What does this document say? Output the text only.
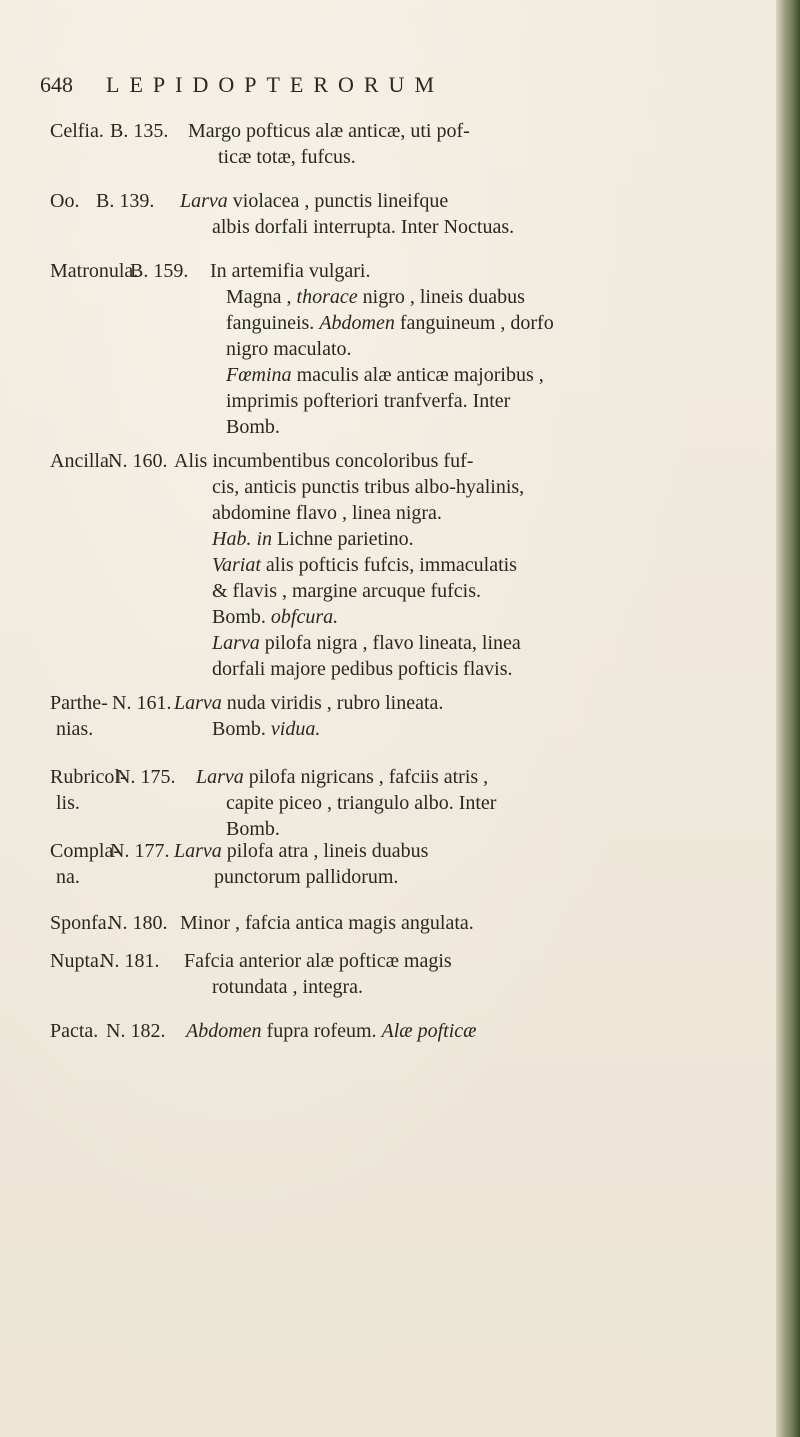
648 LEPIDOPTERORUM
Celfia. B. 135. Margo pofticus alæ anticæ, uti pof-
ticæ totæ, fufcus.
Oo. B. 139. Larva violacea , punctis lineifque
albis dorfali interrupta. Inter Noctuas.
Matronula.
B. 159. In artemifia vulgari.
Magna , thorace nigro , lineis duabus
fanguineis. Abdomen fanguineum , dorfo
nigro maculato.
Fœmina maculis alæ anticæ majoribus ,
imprimis pofteriori tranfverfa. Inter
Bomb.
Ancilla.
N. 160. Alis incumbentibus concoloribus fuf-
cis, anticis punctis tribus albo-hyalinis,
abdomine flavo , linea nigra.
Hab. in Lichne parietino.
Variat alis pofticis fufcis, immaculatis
& flavis , margine arcuque fufcis.
Bomb. obfcura.
Larva pilofa nigra , flavo lineata, linea
dorfali majore pedibus pofticis flavis.
Parthe-
nias.
N. 161. Larva nuda viridis , rubro lineata.
Bomb. vidua.
Rubricol-
lis.
N. 175. Larva pilofa nigricans , fafciis atris ,
capite piceo , triangulo albo. Inter
Bomb.
Compla-
na.
N. 177. Larva pilofa atra , lineis duabus
punctorum pallidorum.
Sponfa.
N. 180. Minor , fafcia antica magis angulata.
Nupta.
N. 181. Fafcia anterior alæ pofticæ magis
rotundata , integra.
Pacta. N. 182. Abdomen fupra rofeum. Alæ pofticæ
